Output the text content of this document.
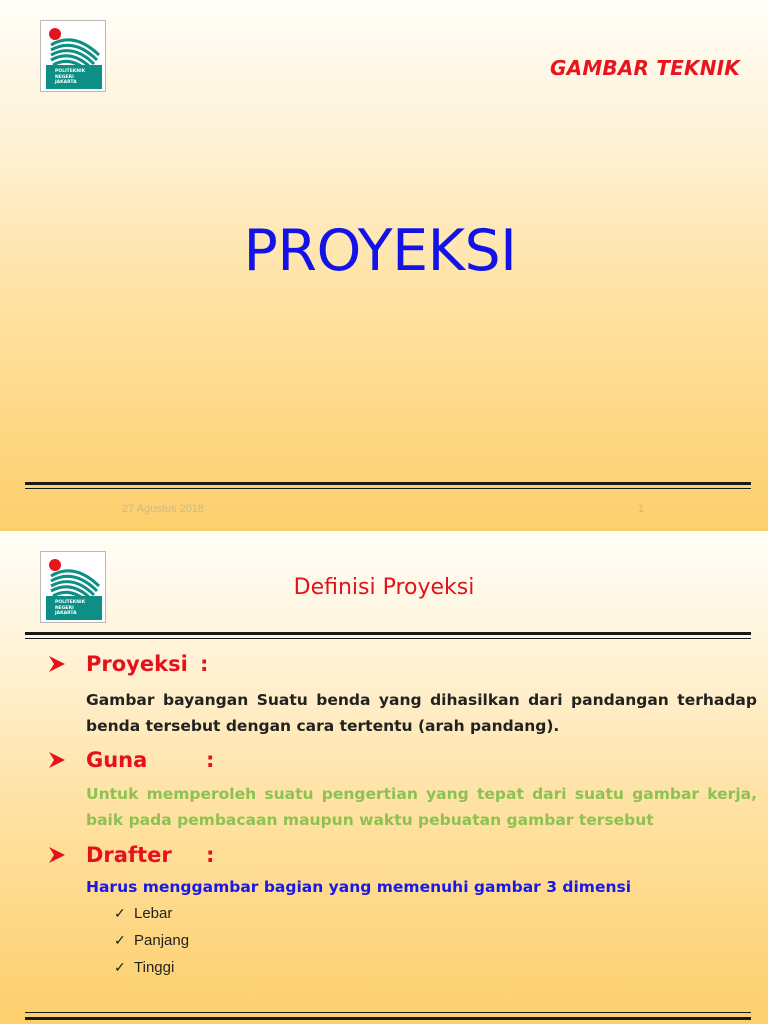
POLITEKNIK
NEGERI
JAKARTA
GAMBAR TEKNIK
PROYEKSI
27 Agustus 2018	1
POLITEKNIK
NEGERI
JAKARTA
Definisi Proyeksi
Proyeksi :
Gambar bayangan Suatu benda yang dihasilkan dari pandangan terhadap benda tersebut dengan cara tertentu (arah pandang).
Guna	:
Untuk memperoleh suatu pengertian yang tepat dari suatu gambar kerja, baik pada pembacaan maupun waktu pebuatan gambar tersebut
Drafter	:
Harus menggambar bagian yang memenuhi gambar 3 dimensi
✓ Lebar
✓ Panjang
✓ Tinggi
